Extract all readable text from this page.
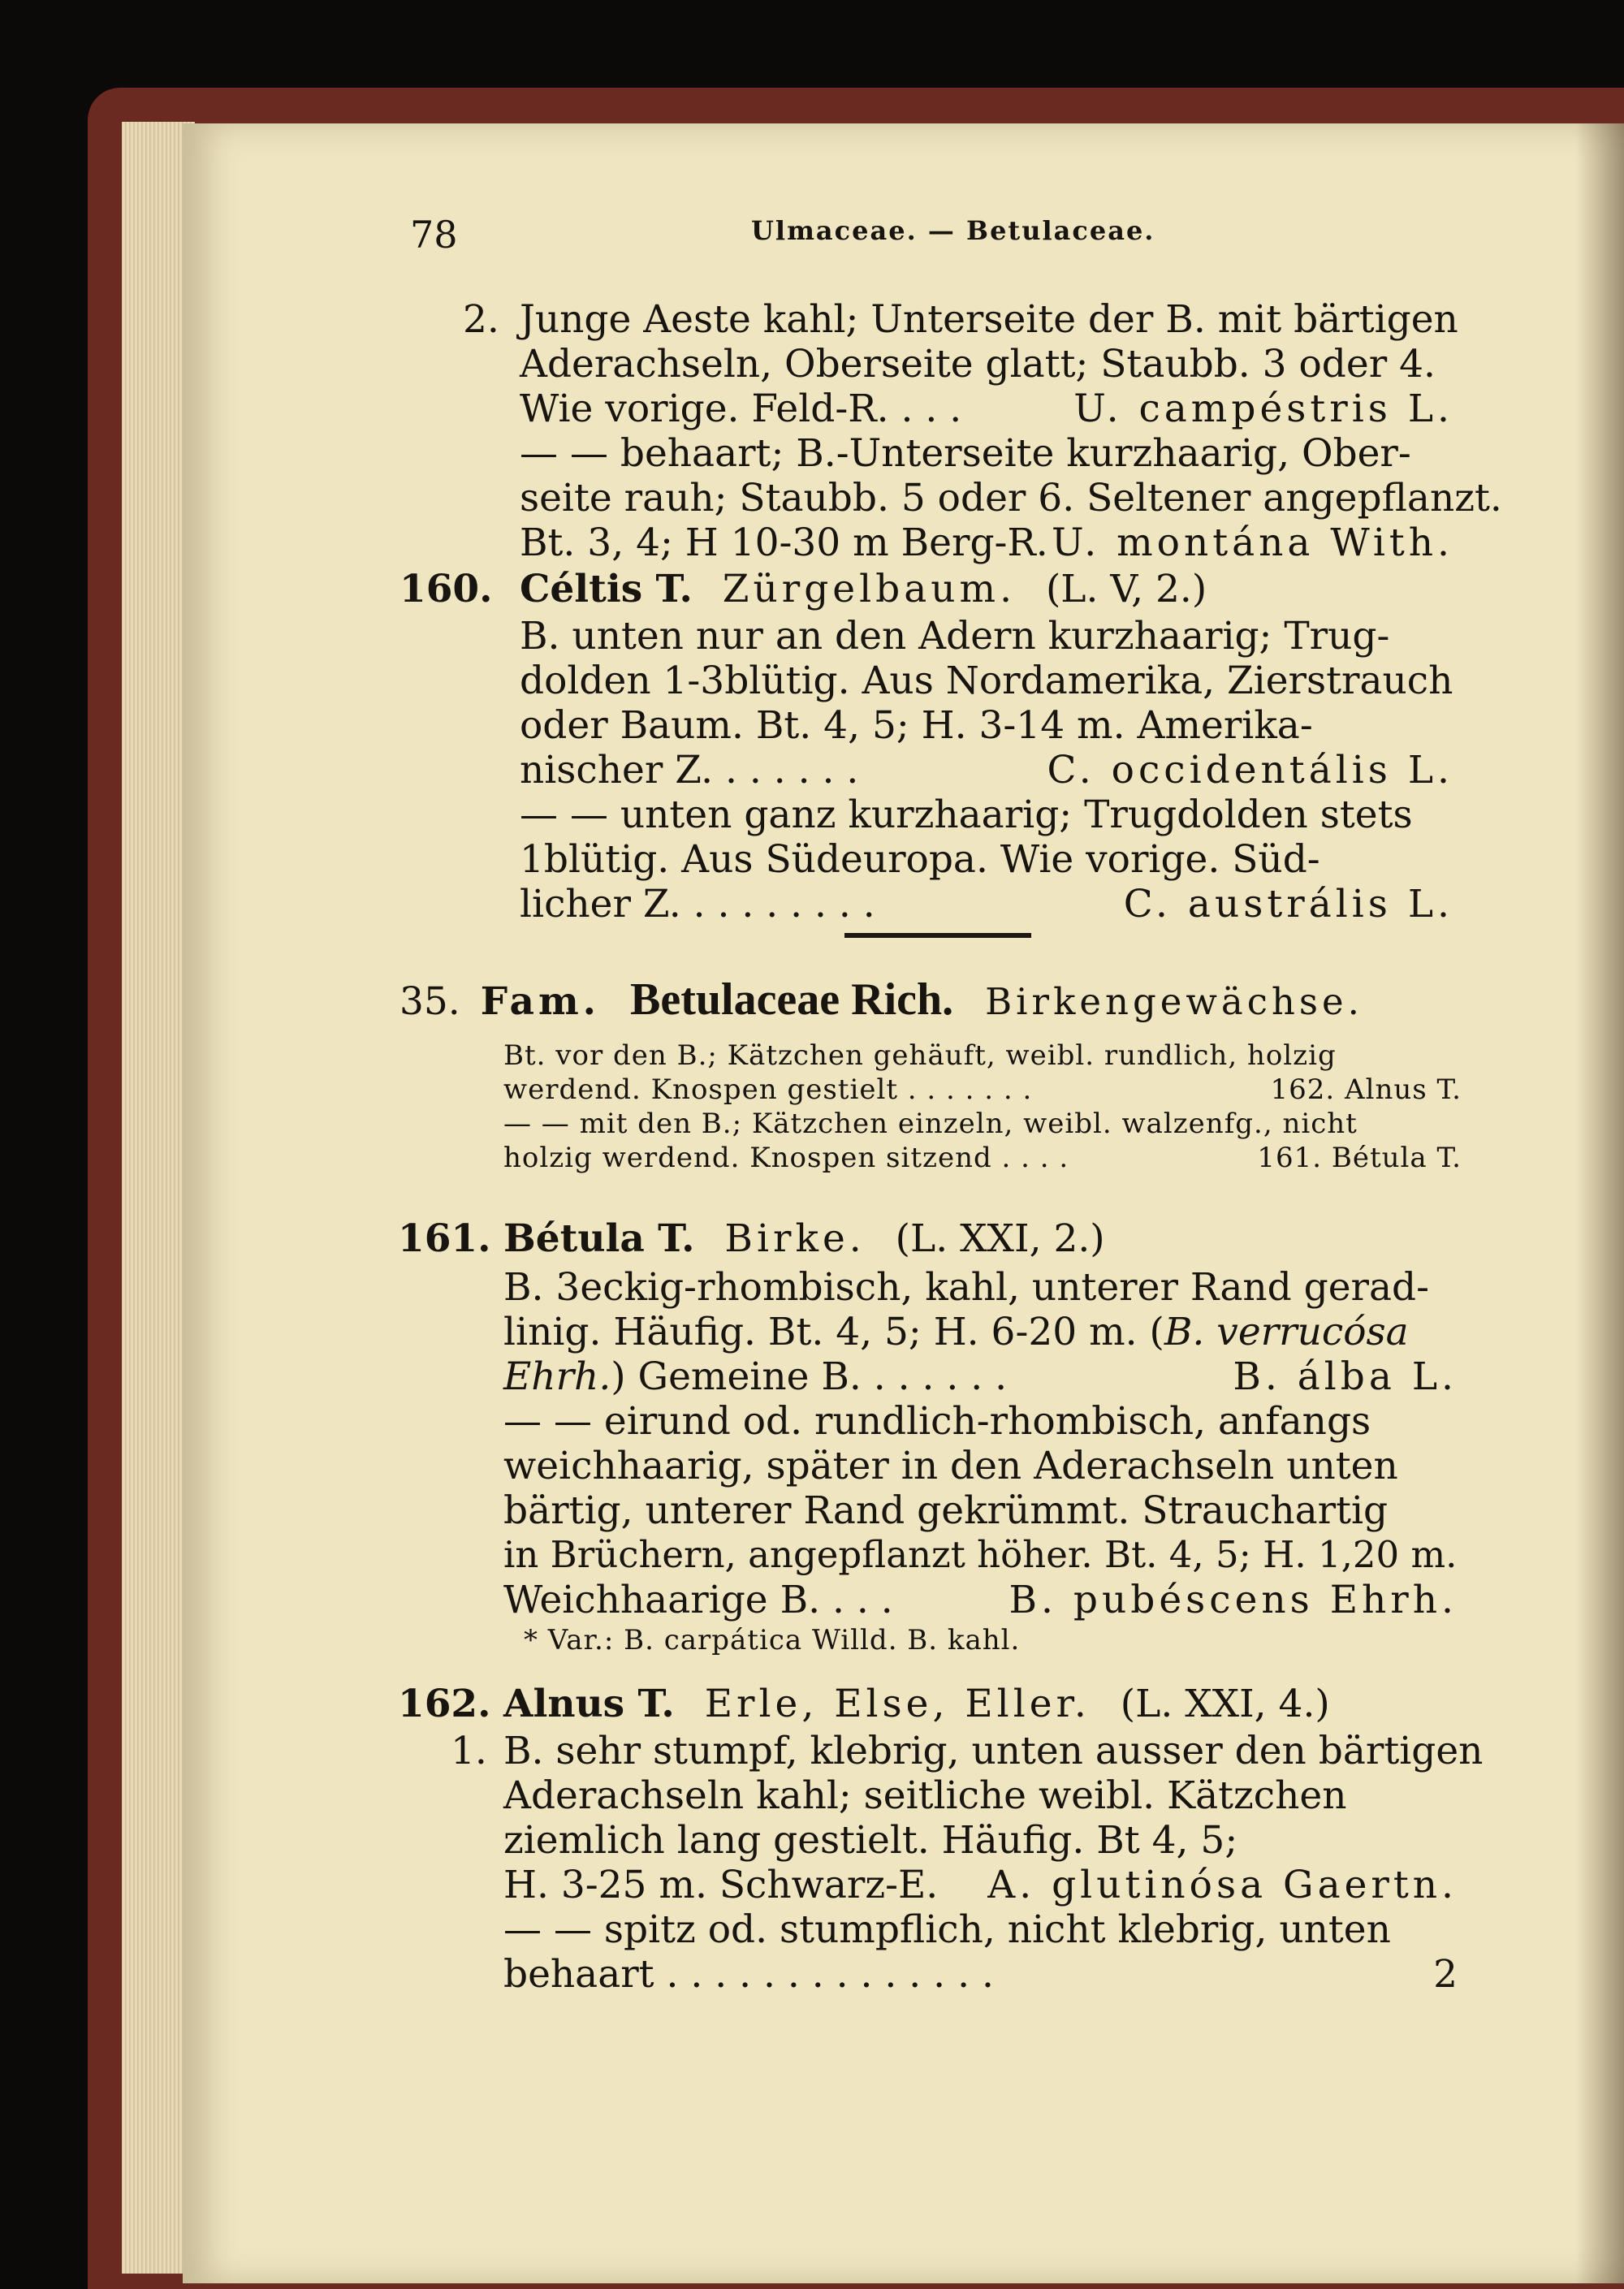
78	Ulmaceae. — Betulaceae.
2. Junge Aeste kahl; Unterseite der B. mit bärtigen
Aderachseln, Oberseite glatt; Staubb. 3 oder 4.
Wie vorige. Feld-R. . . .	U. campéstris L.
— — behaart; B.-Unterseite kurzhaarig, Ober-
seite rauh; Staubb. 5 oder 6. Seltener angepflanzt.
Bt. 3, 4; H 10-30 m Berg-R. U. montána With.
160. Céltis T. Zürgelbaum. (L. V, 2.)
B. unten nur an den Adern kurzhaarig; Trug-
dolden 1-3blütig. Aus Nordamerika, Zierstrauch
oder Baum. Bt. 4, 5; H. 3-14 m. Amerika-
nischer Z. . . . . . .	C. occidentális L.
— — unten ganz kurzhaarig; Trugdolden stets
1blütig. Aus Südeuropa. Wie vorige. Süd-
licher Z. . . . . . . . .	C. austrális L.
35. Fam. Betulaceae Rich. Birkengewächse.
Bt. vor den B.; Kätzchen gehäuft, weibl. rundlich, holzig
werdend. Knospen gestielt . . . . . . .	162. Alnus T.
— — mit den B.; Kätzchen einzeln, weibl. walzenfg., nicht
holzig werdend. Knospen sitzend . . . .	161. Bétula T.
161. Bétula T. Birke. (L. XXI, 2.)
B. 3eckig-rhombisch, kahl, unterer Rand gerad-
linig. Häufig. Bt. 4, 5; H. 6-20 m. (B. verrucósa
Ehrh.) Gemeine B. . . . . . .	B. álba L.
— — eirund od. rundlich-rhombisch, anfangs
weichhaarig, später in den Aderachseln unten
bärtig, unterer Rand gekrümmt. Strauchartig
in Brüchern, angepflanzt höher. Bt. 4, 5; H. 1,20 m.
Weichhaarige B. . . .	B. pubéscens Ehrh.
* Var.: B. carpática Willd. B. kahl.
162. Alnus T. Erle, Else, Eller. (L. XXI, 4.)
1. B. sehr stumpf, klebrig, unten ausser den bärtigen
Aderachseln kahl; seitliche weibl. Kätzchen
ziemlich lang gestielt. Häufig. Bt 4, 5;
H. 3-25 m. Schwarz-E. A. glutinósa Gaertn.
— — spitz od. stumpflich, nicht klebrig, unten
behaart . . . . . . . . . . . . . .	2
